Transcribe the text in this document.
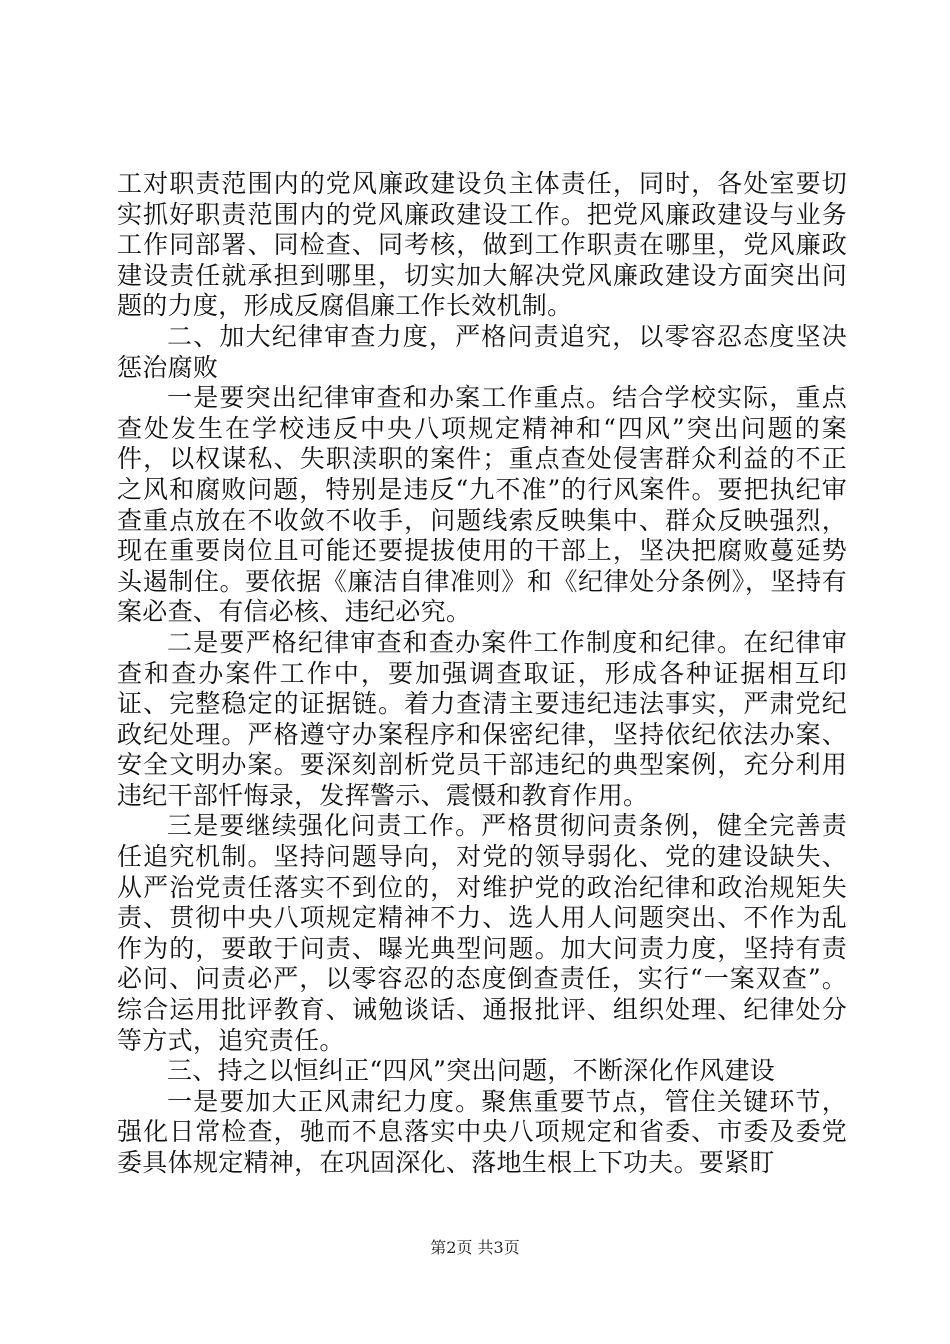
工对职责范围内的党风廉政建设负主体责任，同时，各处室要切实抓好职责范围内的党风廉政建设工作。把党风廉政建设与业务工作同部署、同检查、同考核，做到工作职责在哪里，党风廉政建设责任就承担到哪里，切实加大解决党风廉政建设方面突出问题的力度，形成反腐倡廉工作长效机制。

二、加大纪律审查力度，严格问责追究，以零容忍态度坚决惩治腐败

一是要突出纪律审查和办案工作重点。结合学校实际，重点查处发生在学校违反中央八项规定精神和“四风”突出问题的案件，以权谋私、失职渎职的案件；重点查处侵害群众利益的不正之风和腐败问题，特别是违反“九不准”的行风案件。要把执纪审查重点放在不收敛不收手，问题线索反映集中、群众反映强烈，现在重要岗位且可能还要提拔使用的干部上，坚决把腐败蔓延势头遏制住。要依据《廉洁自律准则》和《纪律处分条例》，坚持有案必查、有信必核、违纪必究。

二是要严格纪律审查和查办案件工作制度和纪律。在纪律审查和查办案件工作中，要加强调查取证，形成各种证据相互印证、完整稳定的证据链。着力查清主要违纪违法事实，严肃党纪政纪处理。严格遵守办案程序和保密纪律，坚持依纪依法办案、安全文明办案。要深刻剖析党员干部违纪的典型案例，充分利用违纪干部忏悔录，发挥警示、震慑和教育作用。

三是要继续强化问责工作。严格贯彻问责条例，健全完善责任追究机制。坚持问题导向，对党的领导弱化、党的建设缺失、从严治党责任落实不到位的，对维护党的政治纪律和政治规矩失责、贯彻中央八项规定精神不力、选人用人问题突出、不作为乱作为的，要敢于问责、曝光典型问题。加大问责力度，坚持有责必问、问责必严，以零容忍的态度倒查责任，实行“一案双查”。综合运用批评教育、诫勉谈话、通报批评、组织处理、纪律处分等方式，追究责任。

三、持之以恒纠正“四风”突出问题，不断深化作风建设

一是要加大正风肃纪力度。聚焦重要节点，管住关键环节，强化日常检查，驰而不息落实中央八项规定和省委、市委及委党委具体规定精神，在巩固深化、落地生根上下功夫。要紧盯

第2页 共3页
